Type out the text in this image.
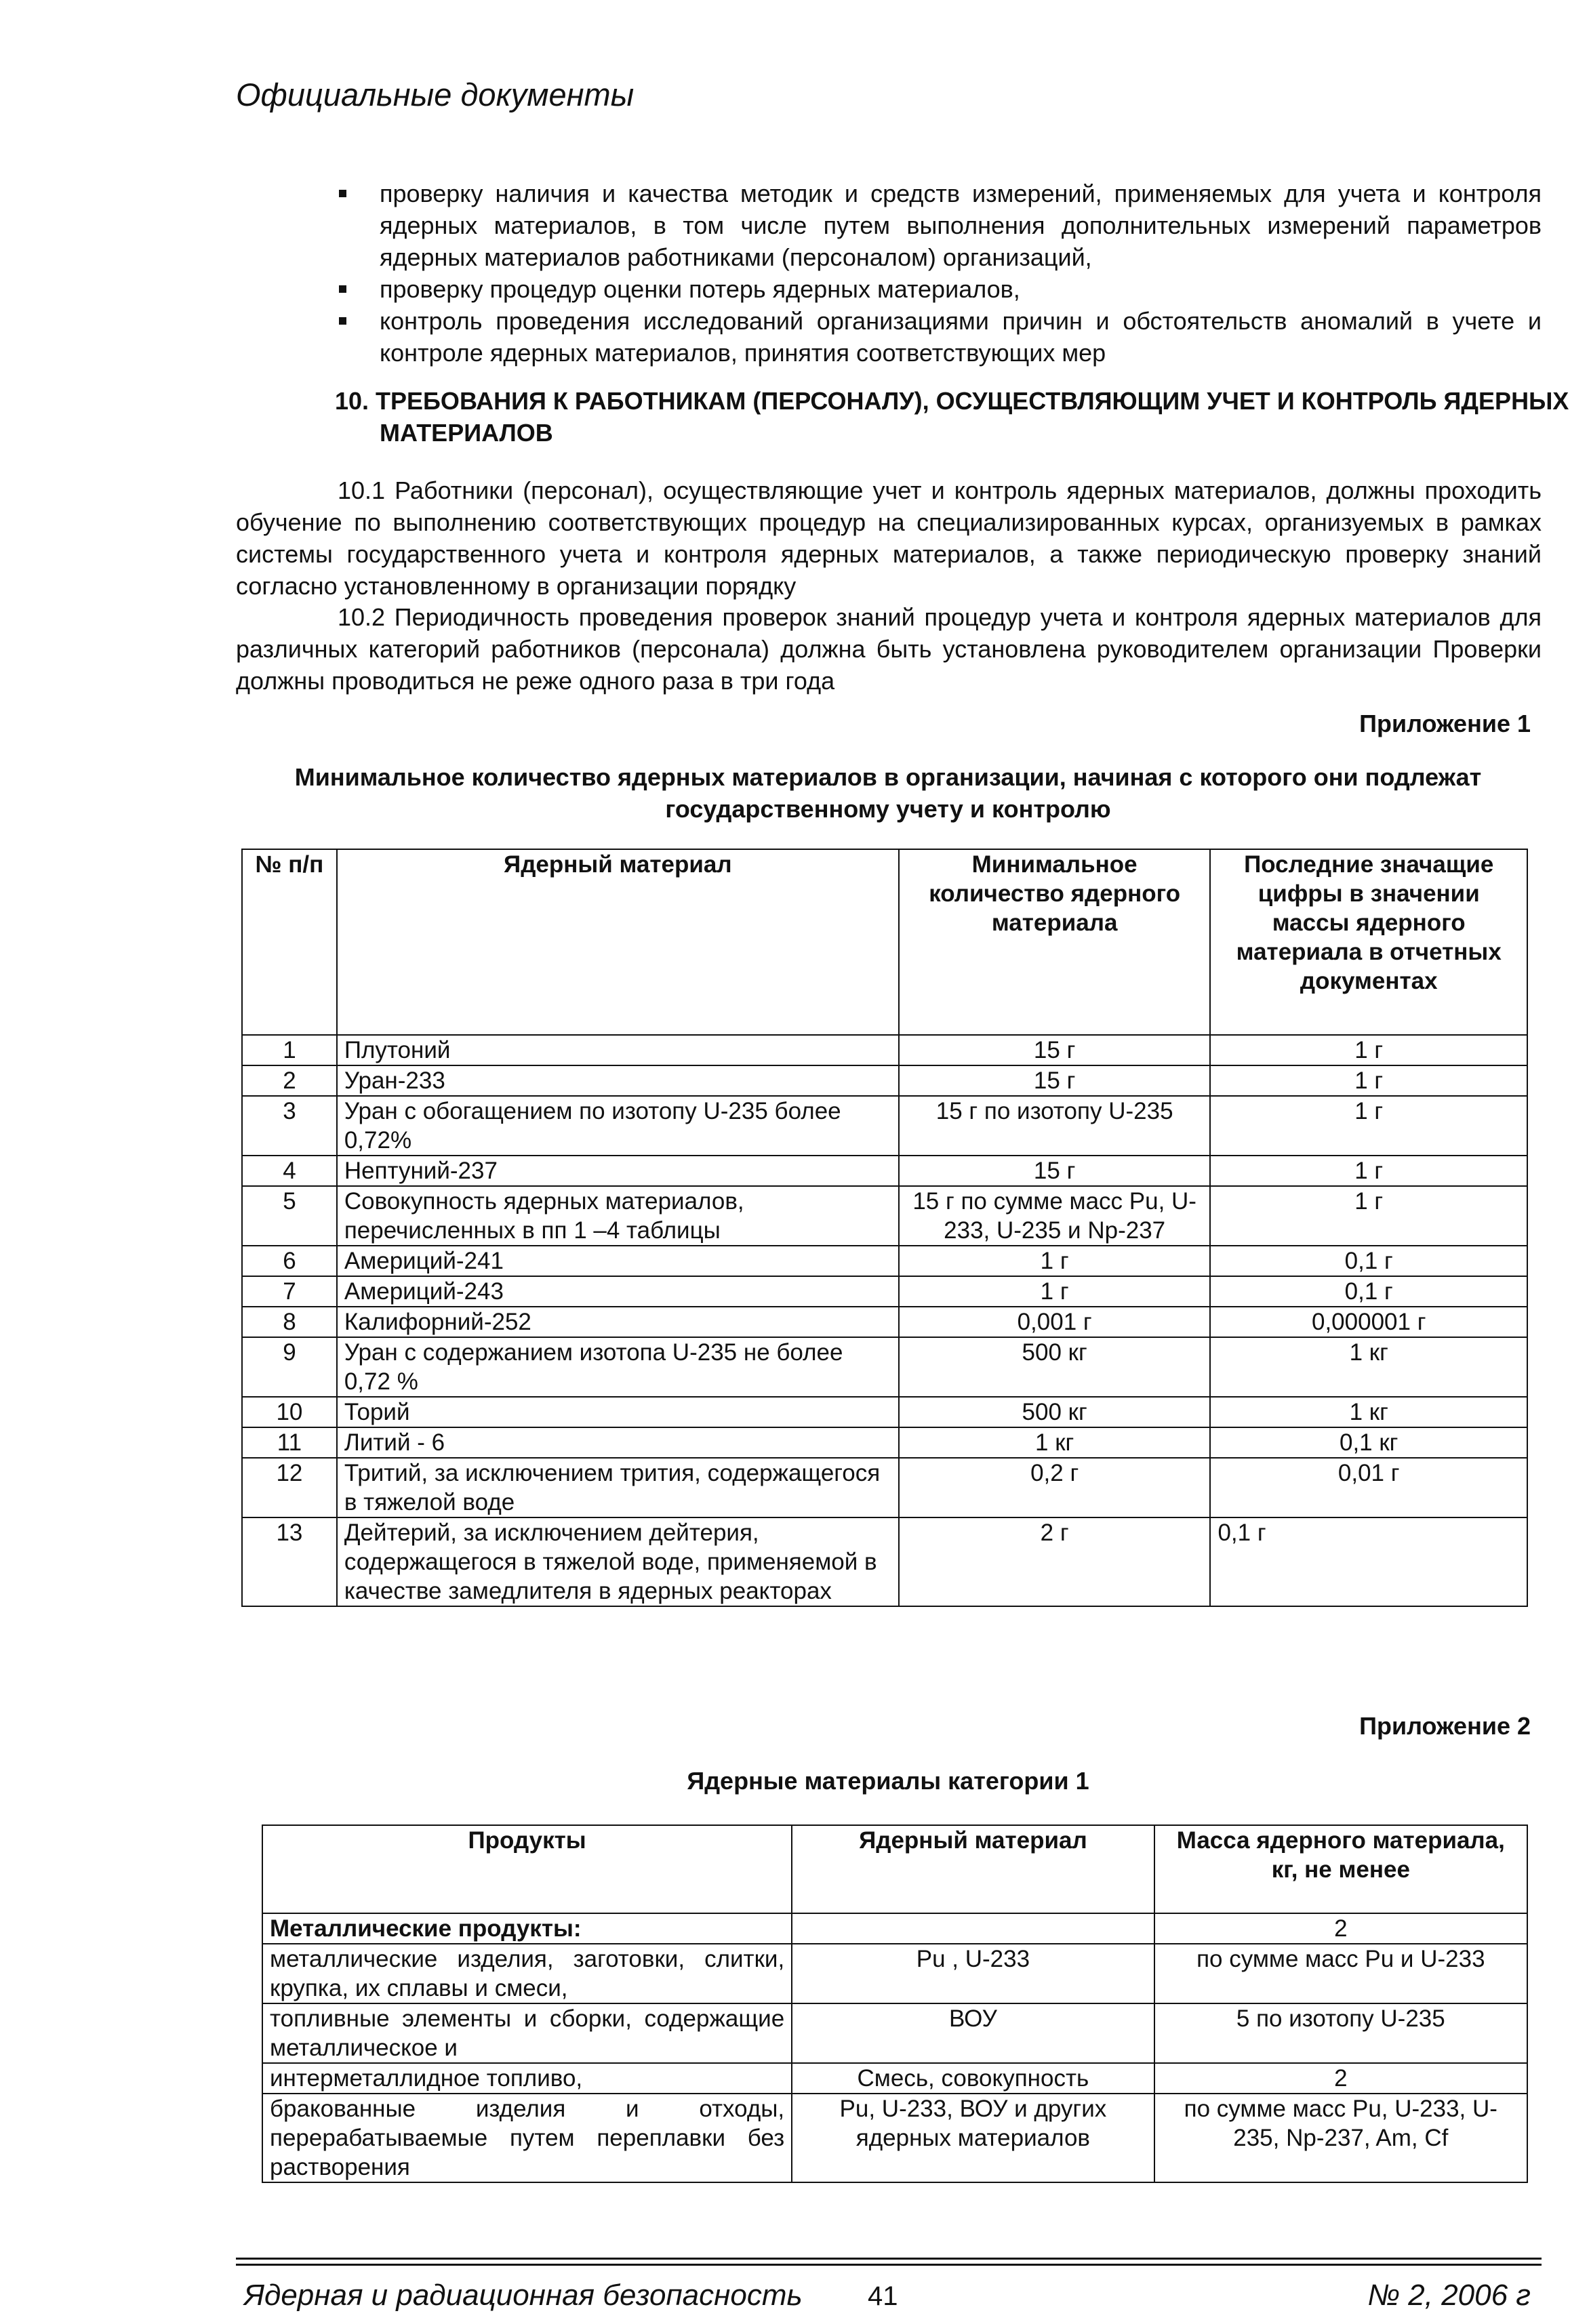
Официальные документы
проверку наличия и качества методик и средств измерений, применяемых для учета и контроля ядерных материалов, в том числе путем выполнения дополнительных измерений параметров ядерных материалов работниками (персоналом) организаций,
проверку процедур оценки потерь ядерных материалов,
контроль проведения исследований организациями причин и обстоятельств аномалий в учете и контроле ядерных материалов, принятия соответствующих мер
10. ТРЕБОВАНИЯ К РАБОТНИКАМ (ПЕРСОНАЛУ), ОСУЩЕСТВЛЯЮЩИМ УЧЕТ И КОНТРОЛЬ ЯДЕРНЫХ МАТЕРИАЛОВ

10.1 Работники (персонал), осуществляющие учет и контроль ядерных материалов, должны проходить обучение по выполнению соответствующих процедур на специализированных курсах, организуемых в рамках системы государственного учета и контроля ядерных материалов, а также периодическую проверку знаний согласно установленному в организации порядку

10.2 Периодичность проведения проверок знаний процедур учета и контроля ядерных материалов для различных категорий работников (персонала) должна быть установлена руководителем организации Проверки должны проводиться не реже одного раза в три года

Приложение 1
Минимальное количество ядерных материалов в организации, начиная с которого они подлежат государственному учету и контролю
№ п/п	Ядерный материал	Минимальное количество ядерного материала	Последние значащие цифры в значении массы ядерного материала в отчетных документах
1	Плутоний	15 г	1 г
2	Уран-233	15 г	1 г
3	Уран с обогащением по изотопу U-235 более 0,72%	15 г по изотопу U-235	1 г
4	Нептуний-237	15 г	1 г
5	Совокупность ядерных материалов, перечисленных в пп 1 –4 таблицы	15 г по сумме масс Pu, U-233, U-235 и Np-237	1 г
6	Америций-241	1 г	0,1 г
7	Америций-243	1 г	0,1 г
8	Калифорний-252	0,001 г	0,000001 г
9	Уран с содержанием изотопа U-235 не более 0,72 %	500 кг	1 кг
10	Торий	500 кг	1 кг
11	Литий - 6	1 кг	0,1 кг
12	Тритий, за исключением трития, содержащегося в тяжелой воде	0,2 г	0,01 г
13	Дейтерий, за исключением дейтерия, содержащегося в тяжелой воде, применяемой в качестве замедлителя в ядерных реакторах	2 г	0,1 г
Приложение 2
Ядерные материалы категории 1
Продукты	Ядерный материал	Масса ядерного материала, кг, не менее
Металлические продукты:		2
металлические изделия, заготовки, слитки, крупка, их сплавы и смеси,	Pu , U-233	по сумме масс Pu и U-233
топливные элементы и сборки, содержащие металлическое и	ВОУ	5 по изотопу U-235
интерметаллидное топливо,	Смесь, совокупность	2
бракованные изделия и отходы, перерабатываемые путем переплавки без растворения	Pu, U-233, ВОУ и других ядерных материалов	по сумме масс Pu, U-233, U-235, Np-237, Am, Cf
Ядерная и радиационная безопасность 41	№ 2, 2006 г
